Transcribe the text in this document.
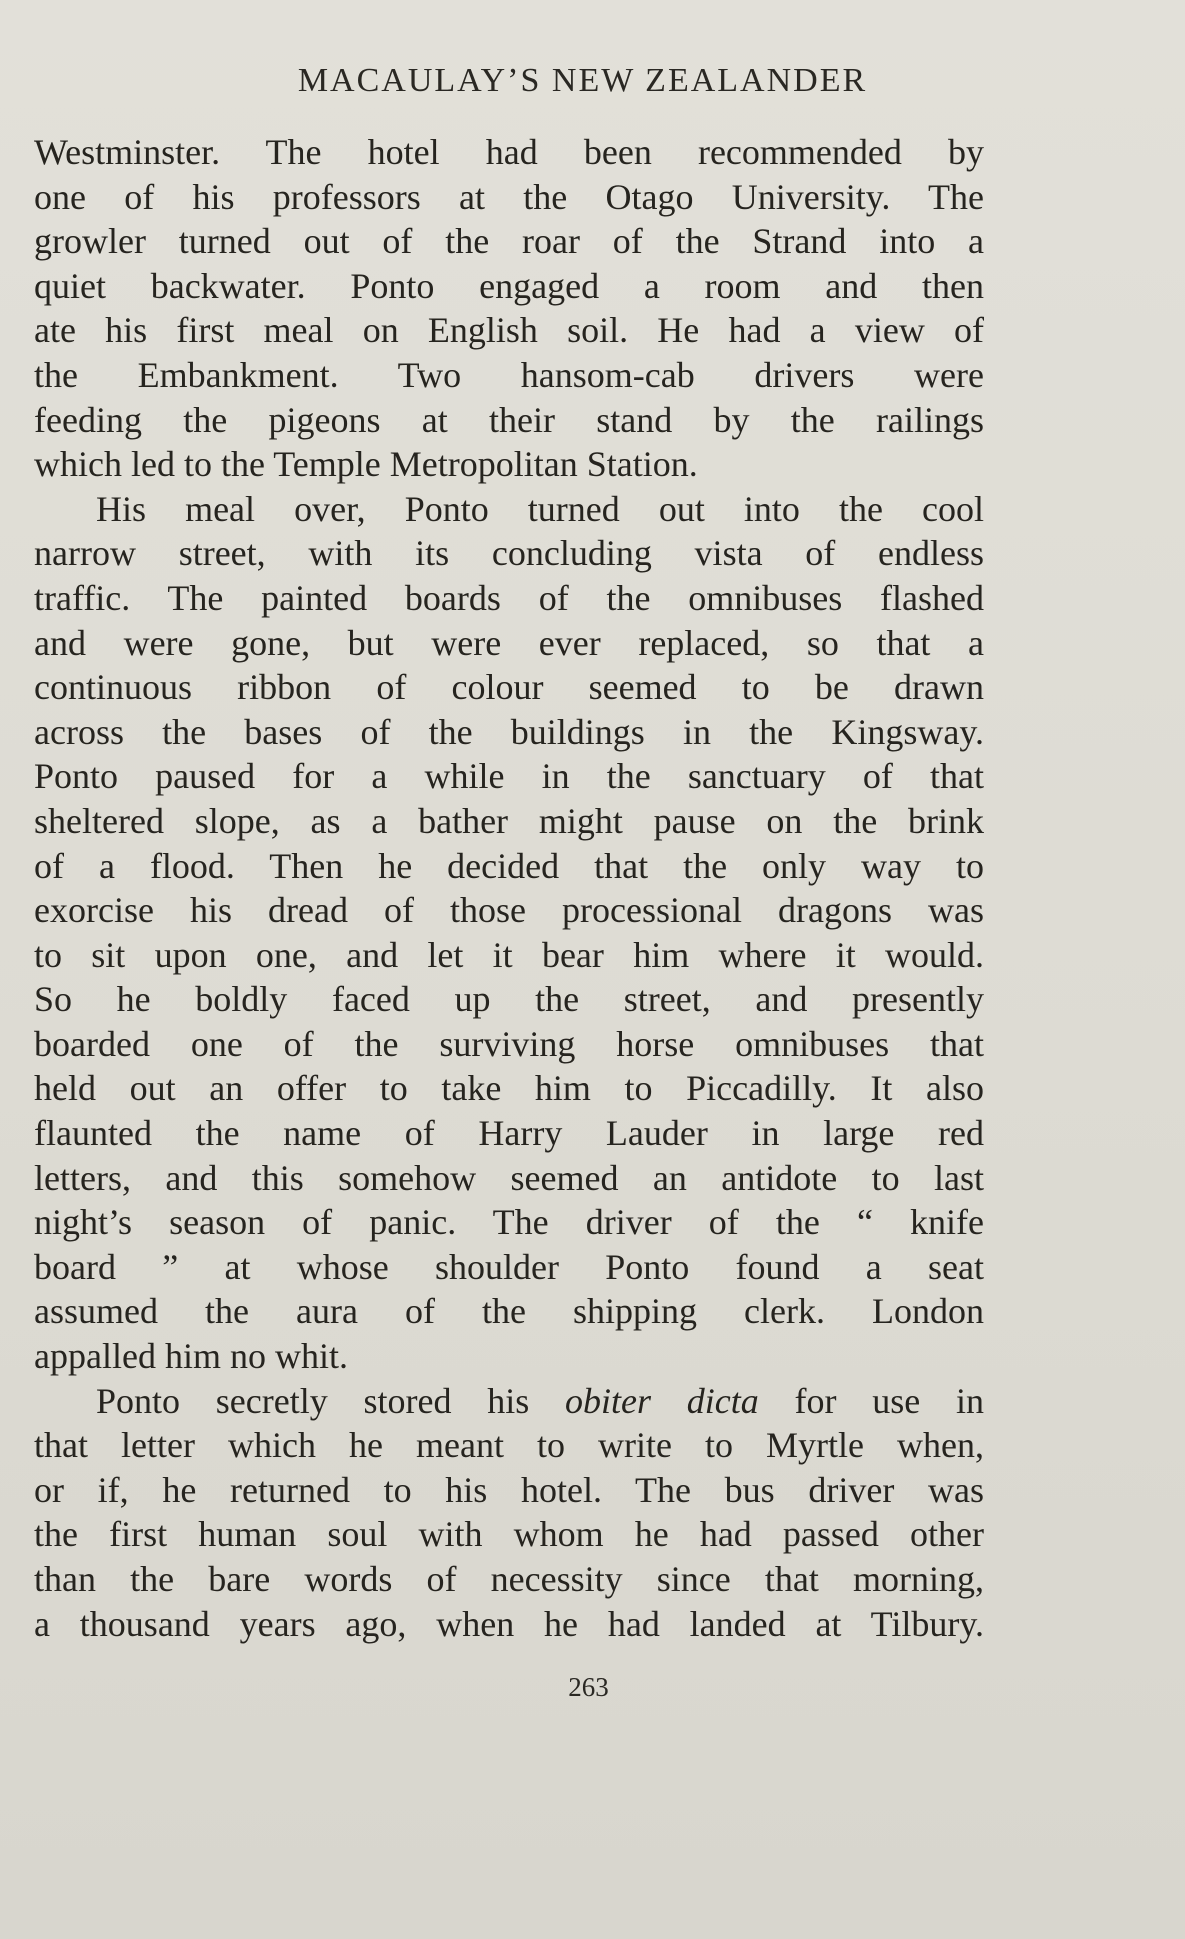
MACAULAY’S NEW ZEALANDER
Westminster. The hotel had been recommended by
one of his professors at the Otago University. The
growler turned out of the roar of the Strand into a
quiet backwater. Ponto engaged a room and then
ate his first meal on English soil. He had a view of
the Embankment. Two hansom-cab drivers were
feeding the pigeons at their stand by the railings
which led to the Temple Metropolitan Station.
His meal over, Ponto turned out into the cool
narrow street, with its concluding vista of endless
traffic. The painted boards of the omnibuses flashed
and were gone, but were ever replaced, so that a
continuous ribbon of colour seemed to be drawn
across the bases of the buildings in the Kingsway.
Ponto paused for a while in the sanctuary of that
sheltered slope, as a bather might pause on the brink
of a flood. Then he decided that the only way to
exorcise his dread of those processional dragons was
to sit upon one, and let it bear him where it would.
So he boldly faced up the street, and presently
boarded one of the surviving horse omnibuses that
held out an offer to take him to Piccadilly. It also
flaunted the name of Harry Lauder in large red
letters, and this somehow seemed an antidote to last
night’s season of panic. The driver of the “ knife
board ” at whose shoulder Ponto found a seat
assumed the aura of the shipping clerk. London
appalled him no whit.
Ponto secretly stored his obiter dicta for use in
that letter which he meant to write to Myrtle when,
or if, he returned to his hotel. The bus driver was
the first human soul with whom he had passed other
than the bare words of necessity since that morning,
a thousand years ago, when he had landed at Tilbury.
263
